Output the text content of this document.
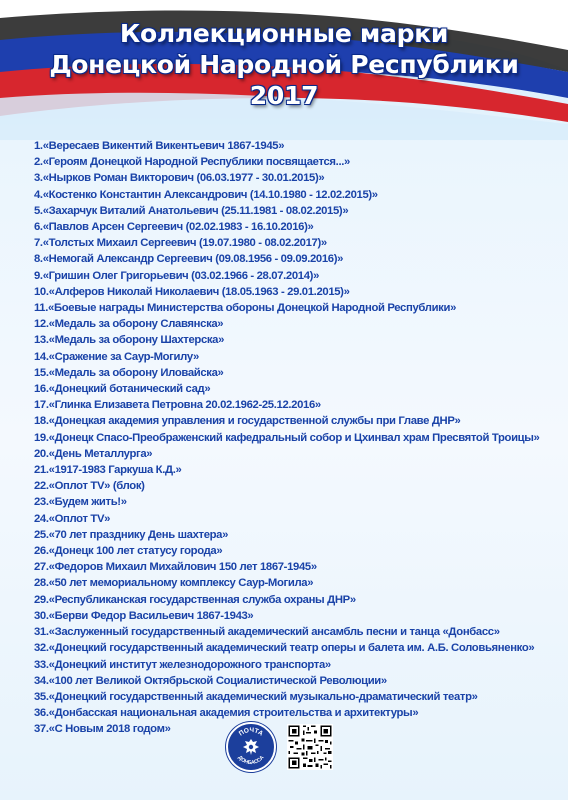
Коллекционные марки
Донецкой Народной Республики
2017
1.«Вересаев Викентий Викентьевич 1867-1945»
2.«Героям Донецкой Народной Республики посвящается...»
3.«Ныркoв Роман Викторович (06.03.1977 - 30.01.2015)»
4.«Костенко Константин Александрович (14.10.1980 - 12.02.2015)»
5.«Захарчук Виталий Анатольевич (25.11.1981 - 08.02.2015)»
6.«Павлов Арсен Сергеевич (02.02.1983 - 16.10.2016)»
7.«Толстых Михаил Сергеевич (19.07.1980 - 08.02.2017)»
8.«Немогай Александр Сергеевич (09.08.1956 - 09.09.2016)»
9.«Гришин Олег Григорьевич (03.02.1966 - 28.07.2014)»
10.«Алферов Николай Николаевич (18.05.1963 - 29.01.2015)»
11.«Боевые награды Министерства обороны Донецкой Народной Республики»
12.«Медаль за оборону Славянска»
13.«Медаль за оборону Шахтерска»
14.«Сражение за Саур-Могилу»
15.«Медаль за оборону Иловайска»
16.«Донецкий ботанический сад»
17.«Глинка Елизавета Петровна 20.02.1962-25.12.2016»
18.«Донецкая академия управления и государственной службы при Главе ДНР»
19.«Донецк Спасо-Преображенский кафедральный собор и Цхинвал храм Пресвятой Троицы»
20.«День Металлурга»
21.«1917-1983 Гаркуша К.Д.»
22.«Оплот TV» (блок)
23.«Будем жить!»
24.«Оплот TV»
25.«70 лет празднику День шахтера»
26.«Донецк 100 лет статусу города»
27.«Федоров Михаил Михайлович 150 лет 1867-1945»
28.«50 лет мемориальному комплексу Саур-Могила»
29.«Республиканская государственная служба охраны ДНР»
30.«Берви Федор Васильевич 1867-1943»
31.«Заслуженный государственный академический ансамбль песни и танца «Донбасс»
32.«Донецкий государственный академический театр оперы и балета им. А.Б. Соловьяненко»
33.«Донецкий институт железнодорожного транспорта»
34.«100 лет Великой Октябрьской Социалистической Революции»
35.«Донецкий государственный академический музыкально-драматический театр»
36.«Донбасская национальная академия строительства и архитектуры»
37.«С Новым 2018 годом»	ПОЧТА
ДОНБАССА
